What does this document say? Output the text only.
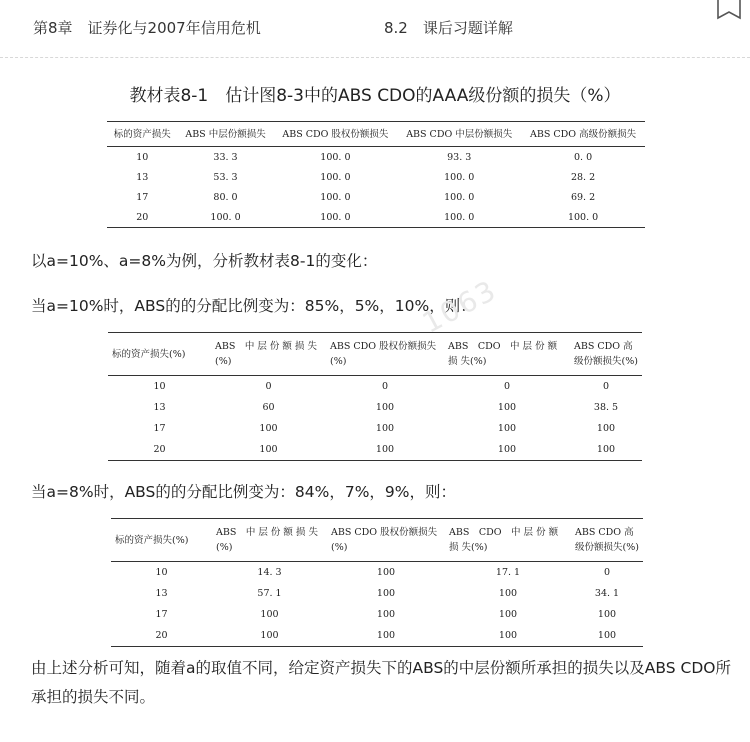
第8章　证券化与2007年信用危机	8.2　课后习题详解
教材表8-1　估计图8-3中的ABS CDO的AAA级份额的损失（%）
标的资产损失	ABS 中层份额损失	ABS CDO 股权份额损失	ABS CDO 中层份额损失	ABS CDO 高级份额损失
10	33. 3	100. 0	93. 3	0. 0
13	53. 3	100. 0	100. 0	28. 2
17	80. 0	100. 0	100. 0	69. 2
20	100. 0	100. 0	100. 0	100. 0
以a=10%、a=8%为例，分析教材表8-1的变化：
当a=10%时，ABS的的分配比例变为：85%，5%，10%，则：
1063
标的资产损失(%)	ABS　中 层 份 额 损 失(%)	ABS CDO 股权份额损失(%)	ABS　CDO　中 层 份 额 损 失(%)	ABS CDO 高级份额损失(%)
10	0	0	0	0
13	60	100	100	38. 5
17	100	100	100	100
20	100	100	100	100
当a=8%时，ABS的的分配比例变为：84%，7%，9%，则：
标的资产损失(%)	ABS　中 层 份 额 损 失(%)	ABS CDO 股权份额损失(%)	ABS　CDO　中 层 份 额 损 失(%)	ABS CDO 高级份额损失(%)
10	14. 3	100	17. 1	0
13	57. 1	100	100	34. 1
17	100	100	100	100
20	100	100	100	100
由上述分析可知，随着a的取值不同，给定资产损失下的ABS的中层份额所承担的损失以及ABS CDO所承担的损失不同。
